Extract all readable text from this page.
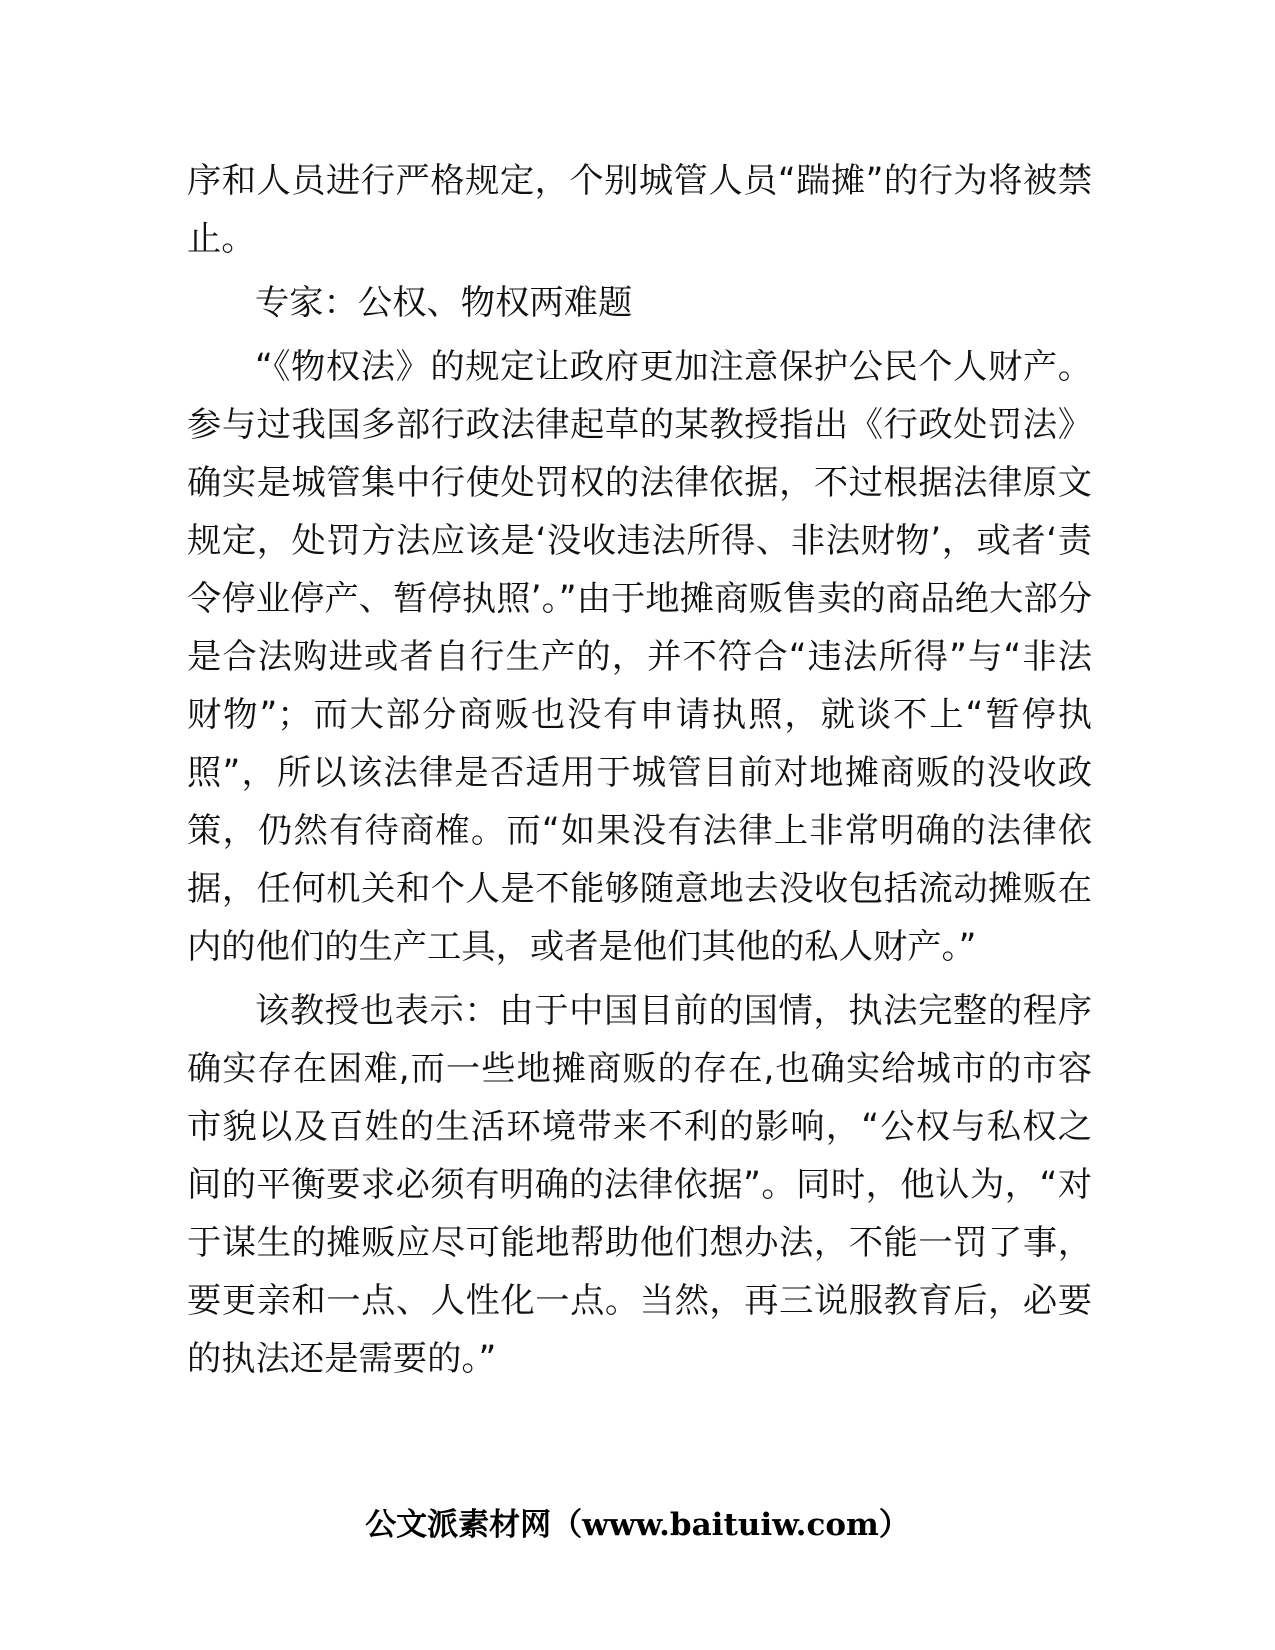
序和人员进行严格规定，个别城管人员“踹摊”的行为将被禁止。

专家：公权、物权两难题

“《物权法》的规定让政府更加注意保护公民个人财产。参与过我国多部行政法律起草的某教授指出《行政处罚法》确实是城管集中行使处罚权的法律依据，不过根据法律原文规定，处罚方法应该是‘没收违法所得、非法财物’，或者‘责令停业停产、暂停执照’。”由于地摊商贩售卖的商品绝大部分是合法购进或者自行生产的，并不符合“违法所得”与“非法财物”；而大部分商贩也没有申请执照，就谈不上“暂停执照”，所以该法律是否适用于城管目前对地摊商贩的没收政策，仍然有待商榷。而“如果没有法律上非常明确的法律依据，任何机关和个人是不能够随意地去没收包括流动摊贩在内的他们的生产工具，或者是他们其他的私人财产。”

该教授也表示：由于中国目前的国情，执法完整的程序确实存在困难,而一些地摊商贩的存在,也确实给城市的市容市貌以及百姓的生活环境带来不利的影响，“公权与私权之间的平衡要求必须有明确的法律依据”。同时，他认为，“对于谋生的摊贩应尽可能地帮助他们想办法，不能一罚了事，要更亲和一点、人性化一点。当然，再三说服教育后，必要的执法还是需要的。”

公文派素材网（www.baituiw.com）
